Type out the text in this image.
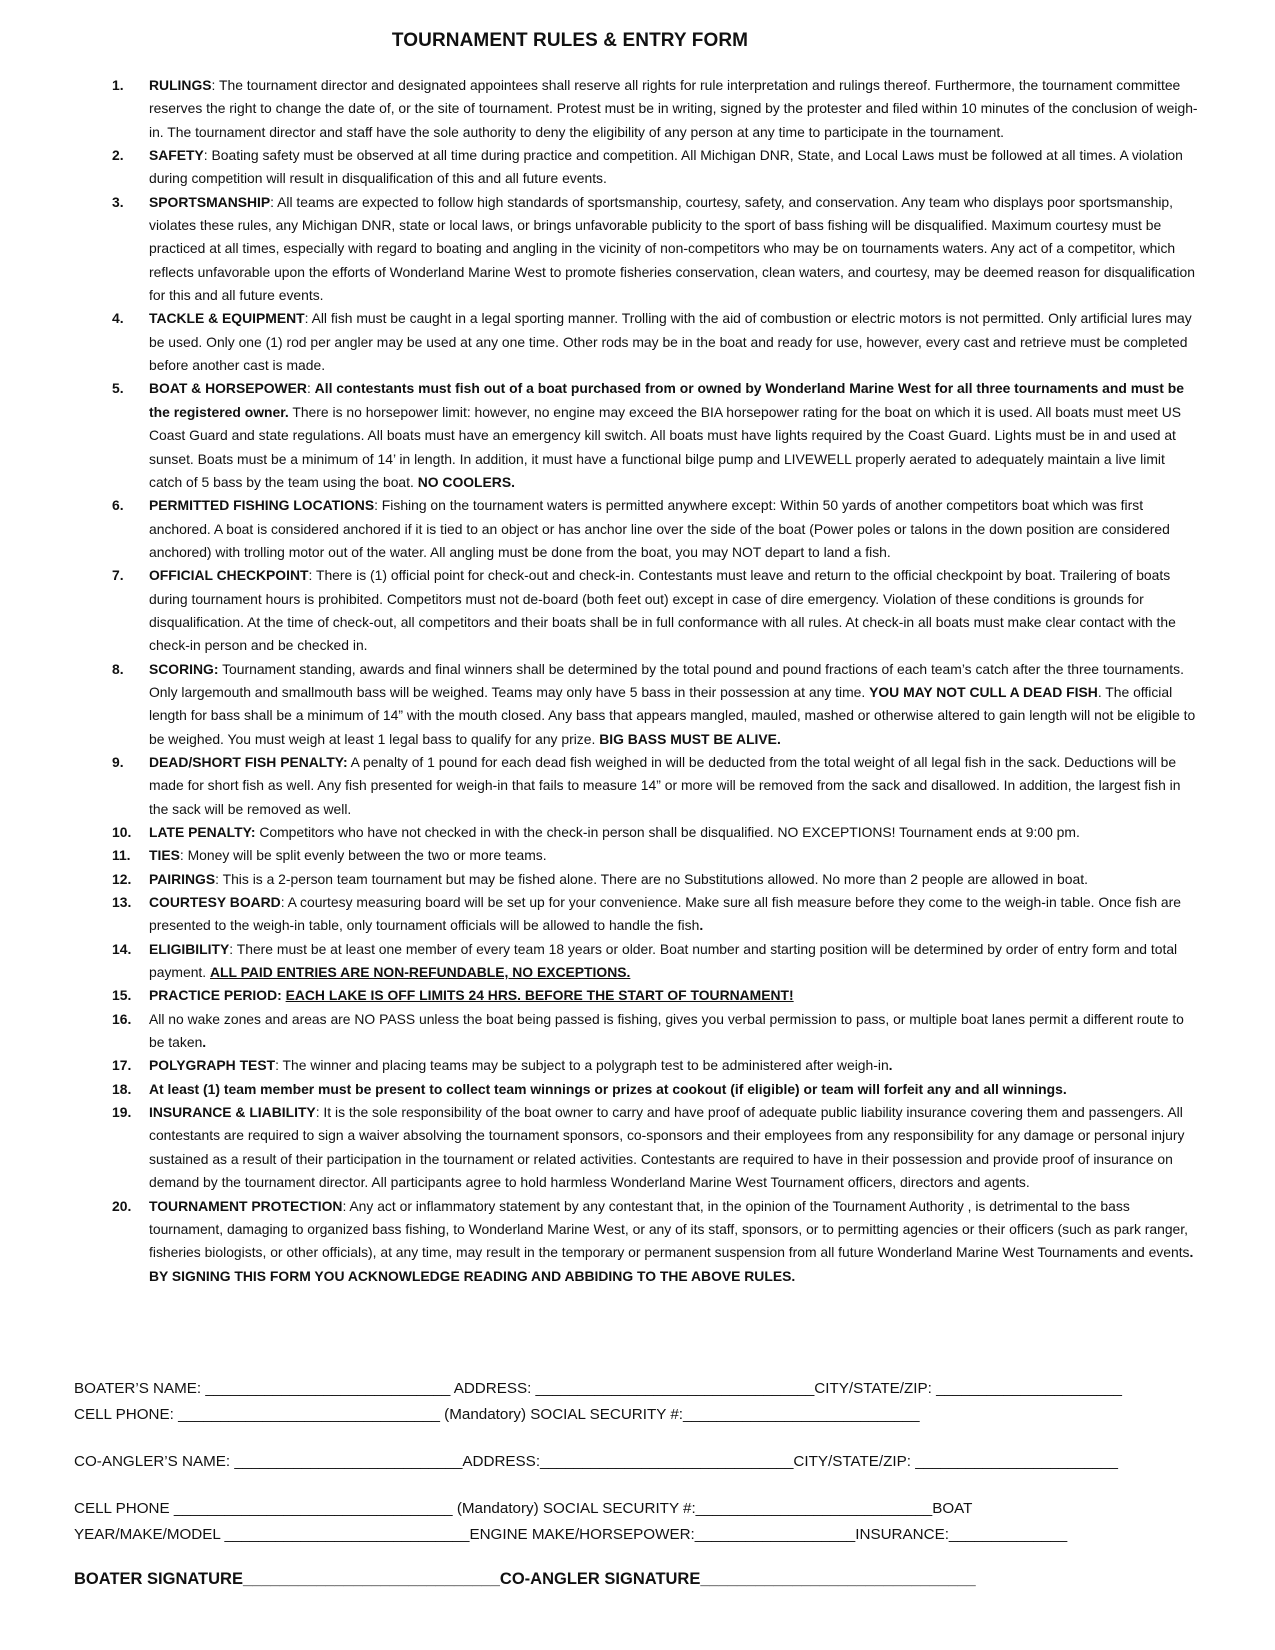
TOURNAMENT RULES & ENTRY FORM
1.	RULINGS: The tournament director and designated appointees shall reserve all rights for rule interpretation and rulings thereof. Furthermore, the tournament committee reserves the right to change the date of, or the site of tournament. Protest must be in writing, signed by the protester and filed within 10 minutes of the conclusion of weigh-in. The tournament director and staff have the sole authority to deny the eligibility of any person at any time to participate in the tournament.
2.	SAFETY: Boating safety must be observed at all time during practice and competition. All Michigan DNR, State, and Local Laws must be followed at all times. A violation during competition will result in disqualification of this and all future events.
3.	SPORTSMANSHIP: All teams are expected to follow high standards of sportsmanship, courtesy, safety, and conservation. Any team who displays poor sportsmanship, violates these rules, any Michigan DNR, state or local laws, or brings unfavorable publicity to the sport of bass fishing will be disqualified. Maximum courtesy must be practiced at all times, especially with regard to boating and angling in the vicinity of non-competitors who may be on tournaments waters. Any act of a competitor, which reflects unfavorable upon the efforts of Wonderland Marine West to promote fisheries conservation, clean waters, and courtesy, may be deemed reason for disqualification for this and all future events.
4.	TACKLE & EQUIPMENT: All fish must be caught in a legal sporting manner. Trolling with the aid of combustion or electric motors is not permitted. Only artificial lures may be used. Only one (1) rod per angler may be used at any one time. Other rods may be in the boat and ready for use, however, every cast and retrieve must be completed before another cast is made.
5.	BOAT & HORSEPOWER: All contestants must fish out of a boat purchased from or owned by Wonderland Marine West for all three tournaments and must be the registered owner. There is no horsepower limit: however, no engine may exceed the BIA horsepower rating for the boat on which it is used. All boats must meet US Coast Guard and state regulations. All boats must have an emergency kill switch. All boats must have lights required by the Coast Guard. Lights must be in and used at sunset. Boats must be a minimum of 14’ in length. In addition, it must have a functional bilge pump and LIVEWELL properly aerated to adequately maintain a live limit catch of 5 bass by the team using the boat. NO COOLERS.
6.	PERMITTED FISHING LOCATIONS: Fishing on the tournament waters is permitted anywhere except: Within 50 yards of another competitors boat which was first anchored. A boat is considered anchored if it is tied to an object or has anchor line over the side of the boat (Power poles or talons in the down position are considered anchored) with trolling motor out of the water. All angling must be done from the boat, you may NOT depart to land a fish.
7.	OFFICIAL CHECKPOINT: There is (1) official point for check-out and check-in. Contestants must leave and return to the official checkpoint by boat. Trailering of boats during tournament hours is prohibited. Competitors must not de-board (both feet out) except in case of dire emergency. Violation of these conditions is grounds for disqualification. At the time of check-out, all competitors and their boats shall be in full conformance with all rules. At check-in all boats must make clear contact with the check-in person and be checked in.
8.	SCORING: Tournament standing, awards and final winners shall be determined by the total pound and pound fractions of each team’s catch after the three tournaments. Only largemouth and smallmouth bass will be weighed. Teams may only have 5 bass in their possession at any time. YOU MAY NOT CULL A DEAD FISH. The official length for bass shall be a minimum of 14” with the mouth closed. Any bass that appears mangled, mauled, mashed or otherwise altered to gain length will not be eligible to be weighed. You must weigh at least 1 legal bass to qualify for any prize. BIG BASS MUST BE ALIVE.
9.	DEAD/SHORT FISH PENALTY: A penalty of 1 pound for each dead fish weighed in will be deducted from the total weight of all legal fish in the sack. Deductions will be made for short fish as well. Any fish presented for weigh-in that fails to measure 14” or more will be removed from the sack and disallowed. In addition, the largest fish in the sack will be removed as well.
10.	LATE PENALTY: Competitors who have not checked in with the check-in person shall be disqualified. NO EXCEPTIONS! Tournament ends at 9:00 pm.
11.	TIES: Money will be split evenly between the two or more teams.
12.	PAIRINGS: This is a 2-person team tournament but may be fished alone. There are no Substitutions allowed. No more than 2 people are allowed in boat.
13.	COURTESY BOARD: A courtesy measuring board will be set up for your convenience. Make sure all fish measure before they come to the weigh-in table. Once fish are presented to the weigh-in table, only tournament officials will be allowed to handle the fish.
14.	ELIGIBILITY: There must be at least one member of every team 18 years or older. Boat number and starting position will be determined by order of entry form and total payment. ALL PAID ENTRIES ARE NON-REFUNDABLE, NO EXCEPTIONS.
15.	PRACTICE PERIOD: EACH LAKE IS OFF LIMITS 24 HRS. BEFORE THE START OF TOURNAMENT!
16.	All no wake zones and areas are NO PASS unless the boat being passed is fishing, gives you verbal permission to pass, or multiple boat lanes permit a different route to be taken.
17.	POLYGRAPH TEST: The winner and placing teams may be subject to a polygraph test to be administered after weigh-in.
18.	At least (1) team member must be present to collect team winnings or prizes at cookout (if eligible) or team will forfeit any and all winnings.
19.	INSURANCE & LIABILITY: It is the sole responsibility of the boat owner to carry and have proof of adequate public liability insurance covering them and passengers. All contestants are required to sign a waiver absolving the tournament sponsors, co-sponsors and their employees from any responsibility for any damage or personal injury sustained as a result of their participation in the tournament or related activities. Contestants are required to have in their possession and provide proof of insurance on demand by the tournament director. All participants agree to hold harmless Wonderland Marine West Tournament officers, directors and agents.
20.	TOURNAMENT PROTECTION: Any act or inflammatory statement by any contestant that, in the opinion of the Tournament Authority , is detrimental to the bass tournament, damaging to organized bass fishing, to Wonderland Marine West, or any of its staff, sponsors, or to permitting agencies or their officers (such as park ranger, fisheries biologists, or other officials), at any time, may result in the temporary or permanent suspension from all future Wonderland Marine West Tournaments and events. BY SIGNING THIS FORM YOU ACKNOWLEDGE READING AND ABBIDING TO THE ABOVE RULES.
BOATER’S NAME: _____________________________ ADDRESS: _________________________________CITY/STATE/ZIP: ______________________
CELL PHONE: _______________________________ (Mandatory) SOCIAL SECURITY #:____________________________
CO-ANGLER’S NAME: ___________________________ADDRESS:______________________________CITY/STATE/ZIP: ________________________
CELL PHONE _________________________________ (Mandatory) SOCIAL SECURITY #:____________________________BOAT
YEAR/MAKE/MODEL _____________________________ENGINE MAKE/HORSEPOWER:___________________INSURANCE:______________
BOATER SIGNATURE____________________________CO-ANGLER SIGNATURE______________________________
